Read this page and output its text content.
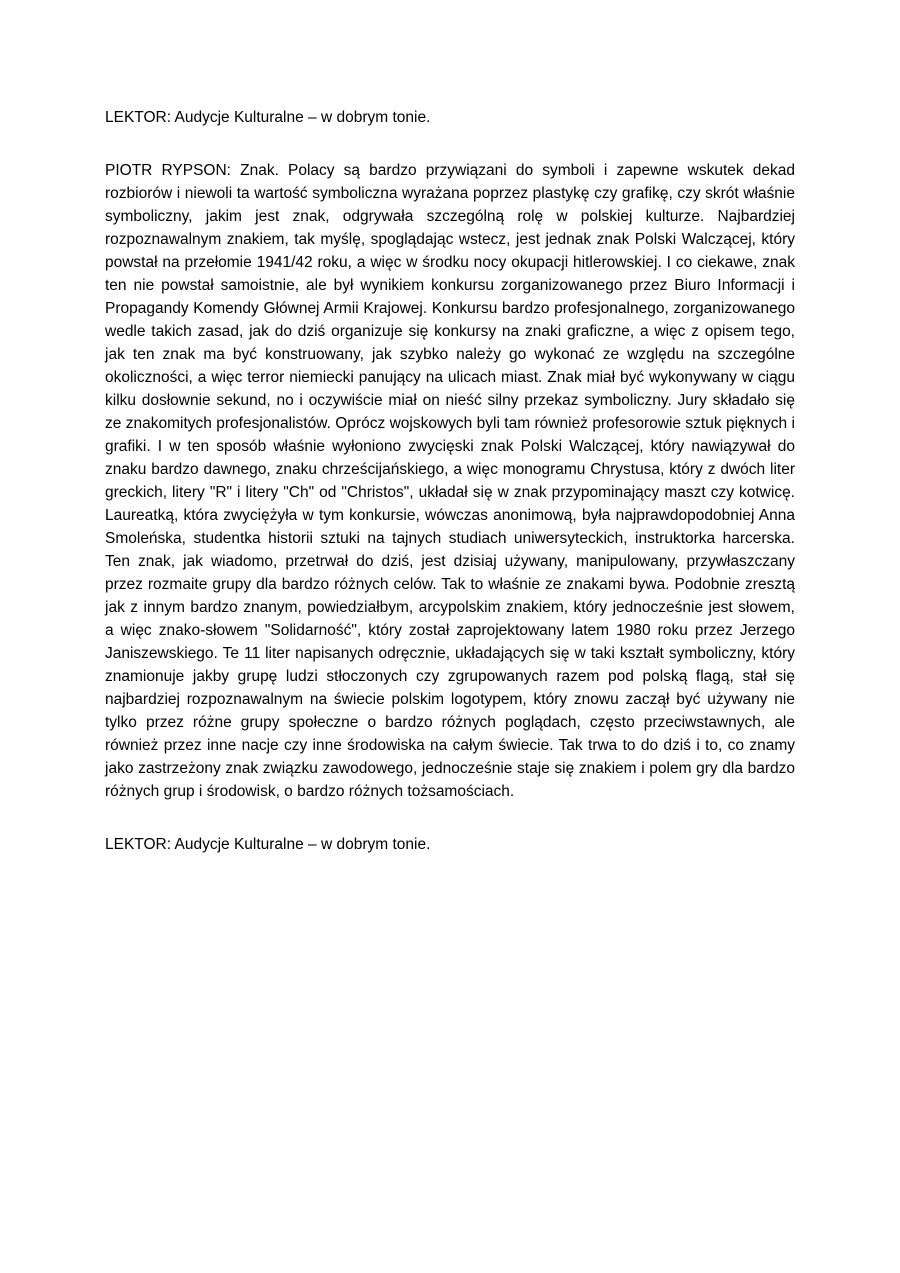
LEKTOR: Audycje Kulturalne – w dobrym tonie.

PIOTR RYPSON: Znak. Polacy są bardzo przywiązani do symboli i zapewne wskutek dekad rozbiorów i niewoli ta wartość symboliczna wyrażana poprzez plastykę czy grafikę, czy skrót właśnie symboliczny, jakim jest znak, odgrywała szczególną rolę w polskiej kulturze. Najbardziej rozpoznawalnym znakiem, tak myślę, spoglądając wstecz, jest jednak znak Polski Walczącej, który powstał na przełomie 1941/42 roku, a więc w środku nocy okupacji hitlerowskiej. I co ciekawe, znak ten nie powstał samoistnie, ale był wynikiem konkursu zorganizowanego przez Biuro Informacji i Propagandy Komendy Głównej Armii Krajowej. Konkursu bardzo profesjonalnego, zorganizowanego wedle takich zasad, jak do dziś organizuje się konkursy na znaki graficzne, a więc z opisem tego, jak ten znak ma być konstruowany, jak szybko należy go wykonać ze względu na szczególne okoliczności, a więc terror niemiecki panujący na ulicach miast. Znak miał być wykonywany w ciągu kilku dosłownie sekund, no i oczywiście miał on nieść silny przekaz symboliczny. Jury składało się ze znakomitych profesjonalistów. Oprócz wojskowych byli tam również profesorowie sztuk pięknych i grafiki. I w ten sposób właśnie wyłoniono zwycięski znak Polski Walczącej, który nawiązywał do znaku bardzo dawnego, znaku chrześcijańskiego, a więc monogramu Chrystusa, który z dwóch liter greckich, litery "R" i litery "Ch" od "Christos", układał się w znak przypominający maszt czy kotwicę. Laureatką, która zwyciężyła w tym konkursie, wówczas anonimową, była najprawdopodobniej Anna Smoleńska, studentka historii sztuki na tajnych studiach uniwersyteckich, instruktorka harcerska. Ten znak, jak wiadomo, przetrwał do dziś, jest dzisiaj używany, manipulowany, przywłaszczany przez rozmaite grupy dla bardzo różnych celów. Tak to właśnie ze znakami bywa. Podobnie zresztą jak z innym bardzo znanym, powiedziałbym, arcypolskim znakiem, który jednocześnie jest słowem, a więc znako-słowem "Solidarność", który został zaprojektowany latem 1980 roku przez Jerzego Janiszewskiego. Te 11 liter napisanych odręcznie, układających się w taki kształt symboliczny, który znamionuje jakby grupę ludzi stłoczonych czy zgrupowanych razem pod polską flagą, stał się najbardziej rozpoznawalnym na świecie polskim logotypem, który znowu zaczął być używany nie tylko przez różne grupy społeczne o bardzo różnych poglądach, często przeciwstawnych, ale również przez inne nacje czy inne środowiska na całym świecie. Tak trwa to do dziś i to, co znamy jako zastrzeżony znak związku zawodowego, jednocześnie staje się znakiem i polem gry dla bardzo różnych grup i środowisk, o bardzo różnych tożsamościach.

LEKTOR: Audycje Kulturalne – w dobrym tonie.
